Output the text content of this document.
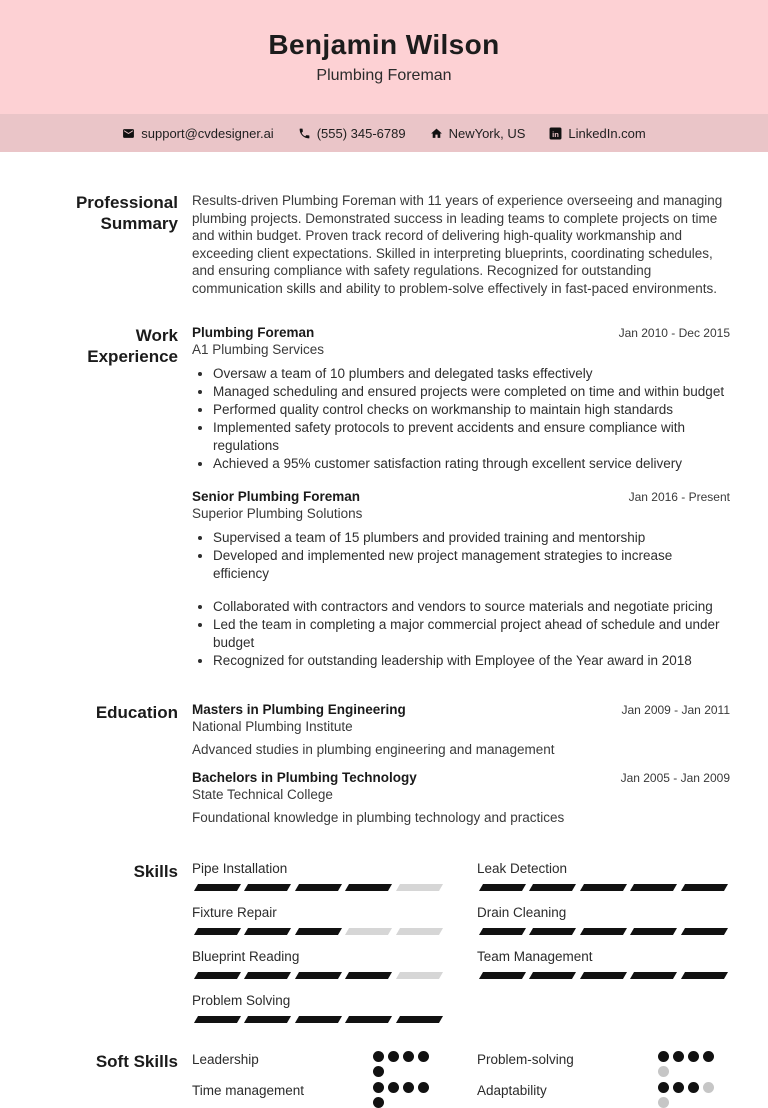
Benjamin Wilson
Plumbing Foreman
support@cvdesigner.ai	(555) 345-6789	NewYork, US in LinkedIn.com
Professional Summary

Results-driven Plumbing Foreman with 11 years of experience overseeing and managing plumbing projects. Demonstrated success in leading teams to complete projects on time and within budget. Proven track record of delivering high-quality workmanship and exceeding client expectations. Skilled in interpreting blueprints, coordinating schedules, and ensuring compliance with safety regulations. Recognized for outstanding communication skills and ability to problem-solve effectively in fast-paced environments.

Work Experience
Plumbing Foreman	Jan 2010 - Dec 2015
A1 Plumbing Services
• Oversaw a team of 10 plumbers and delegated tasks effectively
• Managed scheduling and ensured projects were completed on time and within budget
• Performed quality control checks on workmanship to maintain high standards
• Implemented safety protocols to prevent accidents and ensure compliance with regulations
• Achieved a 95% customer satisfaction rating through excellent service delivery
Senior Plumbing Foreman	Jan 2016 - Present
Superior Plumbing Solutions
• Supervised a team of 15 plumbers and provided training and mentorship
• Developed and implemented new project management strategies to increase efficiency
• Collaborated with contractors and vendors to source materials and negotiate pricing
• Led the team in completing a major commercial project ahead of schedule and under budget
• Recognized for outstanding leadership with Employee of the Year award in 2018
Education Masters in Plumbing Engineering	Jan 2009 - Jan 2011
National Plumbing Institute
Advanced studies in plumbing engineering and management
Bachelors in Plumbing Technology	Jan 2005 - Jan 2009
State Technical College
Foundational knowledge in plumbing technology and practices
Skills Pipe Installation	Leak Detection
Fixture Repair	Drain Cleaning
Blueprint Reading	Team Management
Problem Solving
Soft Skills Leadership	Problem-solving
Time management	Adaptability
